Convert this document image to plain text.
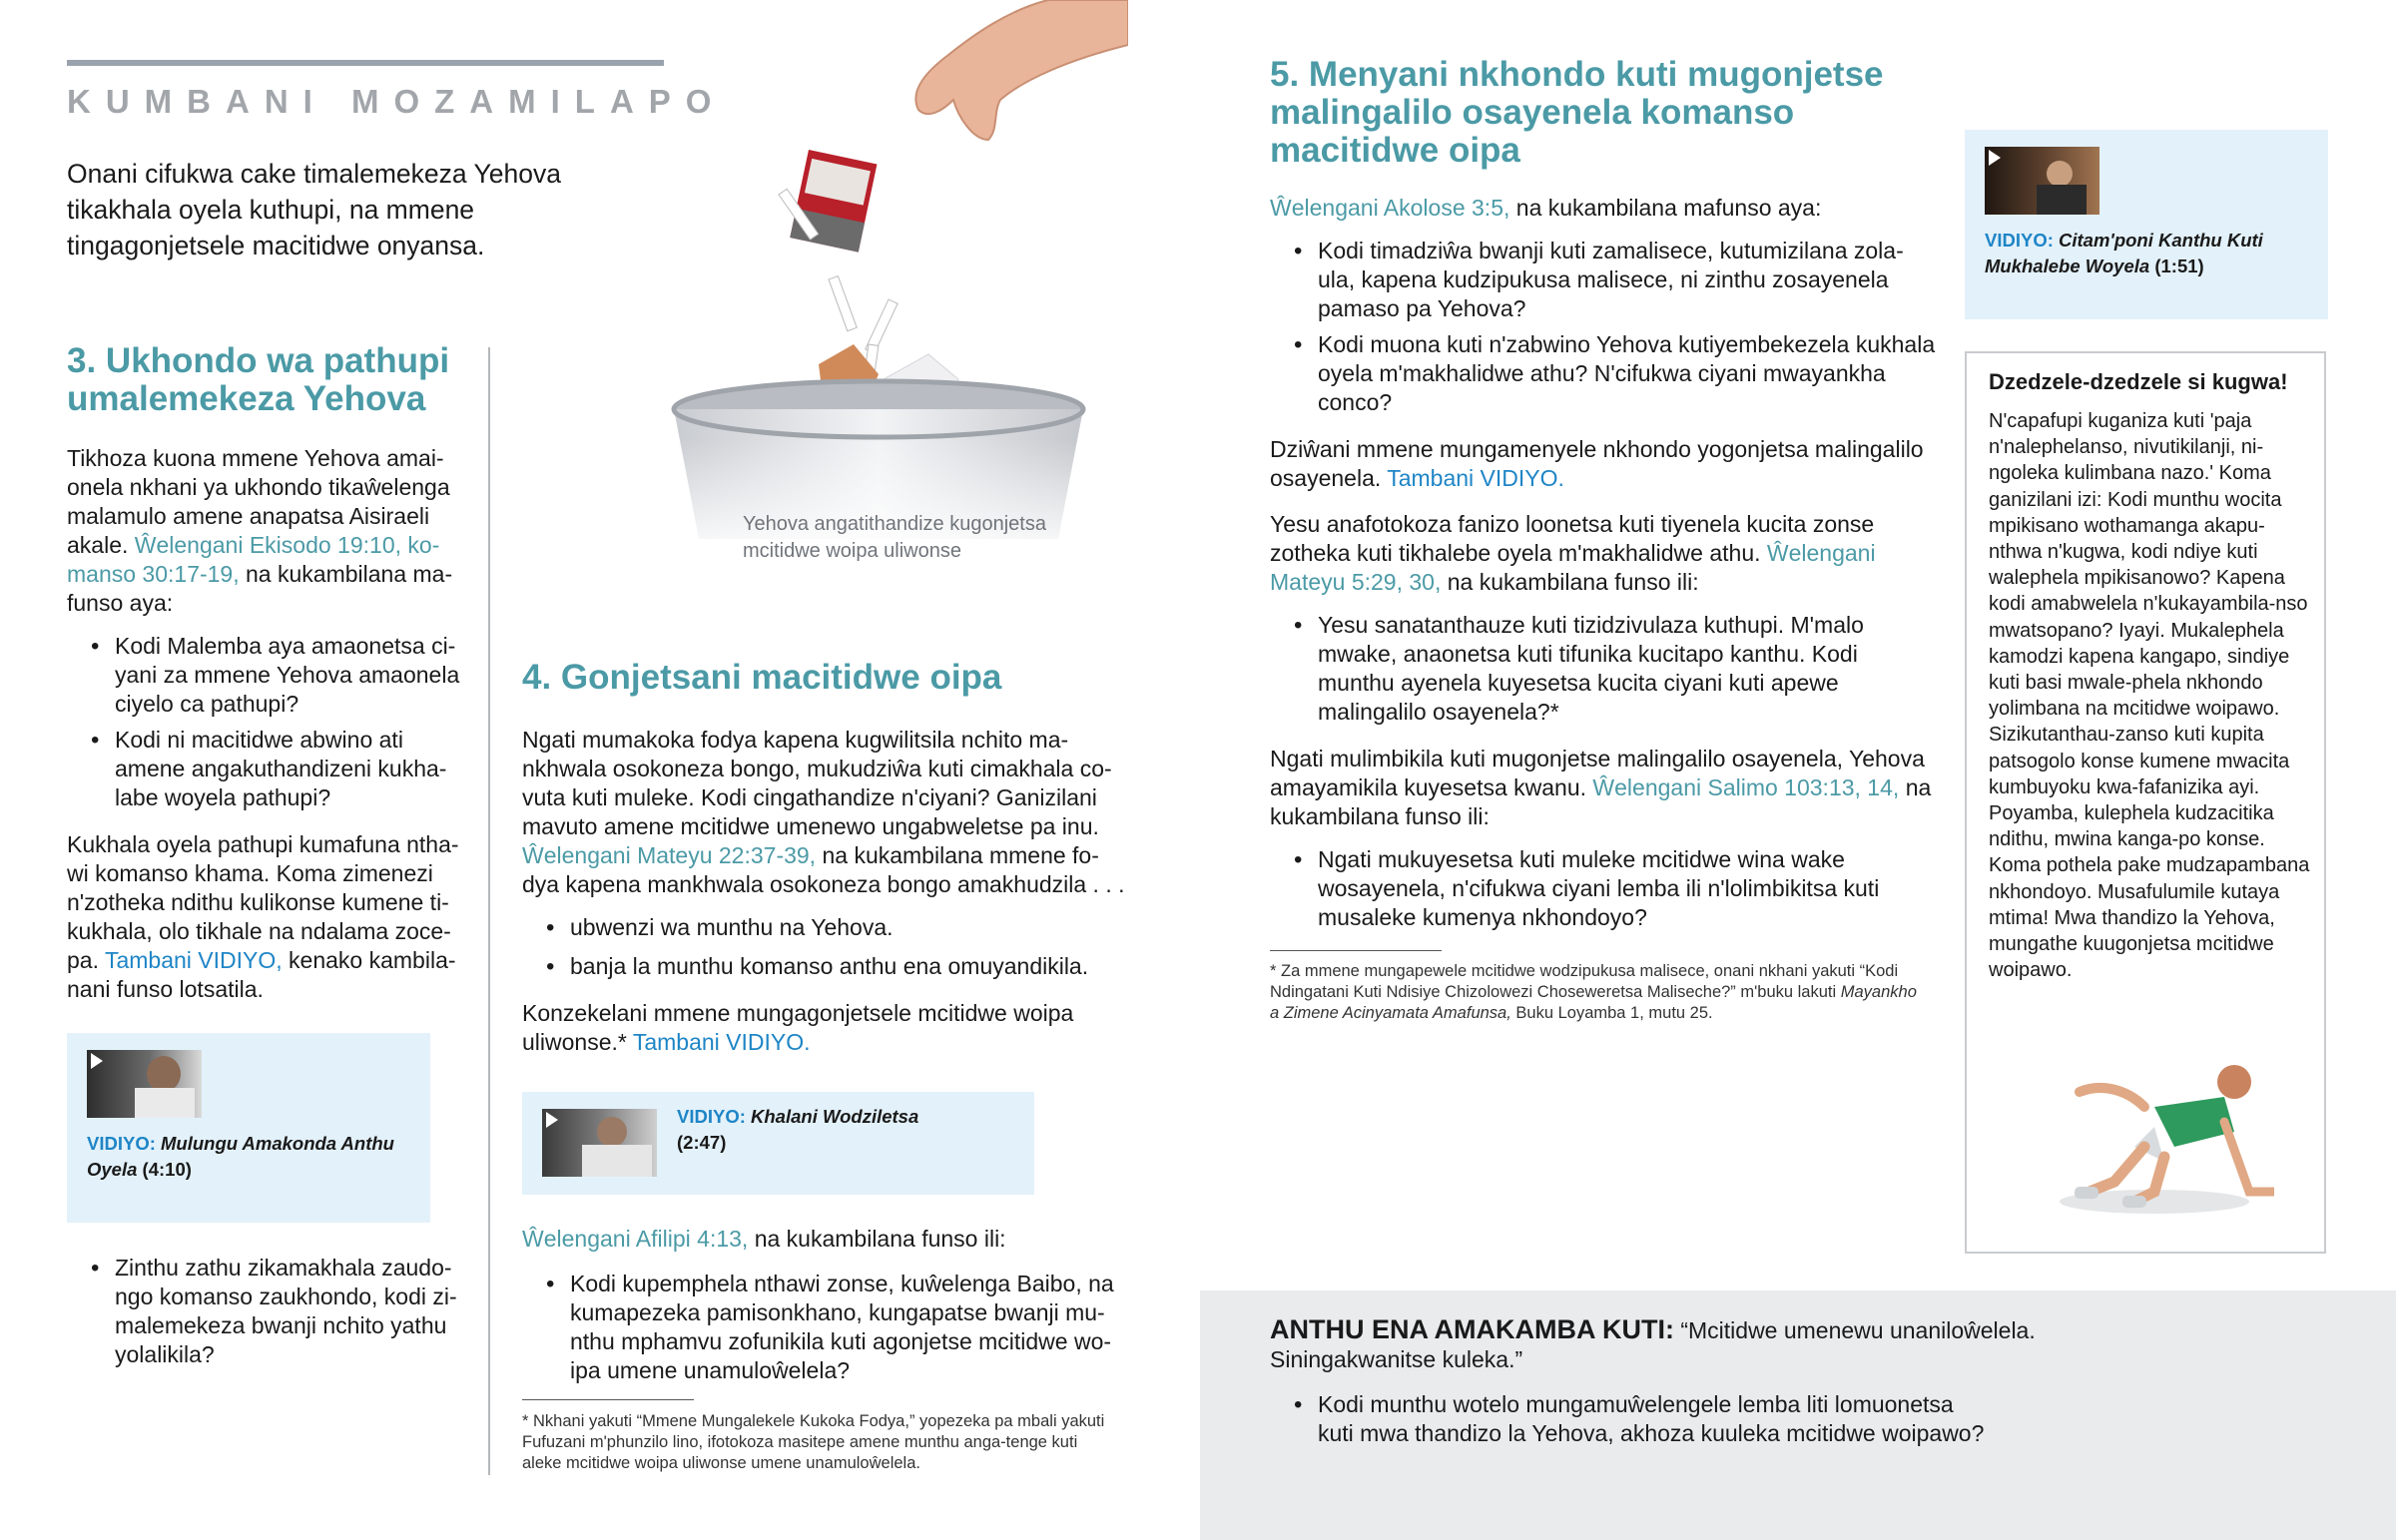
KUMBANI MOZAMILAPO
Onani cifukwa cake timalemekeza Yehova tikakhala oyela kuthupi, na mmene tingagonjetsele macitidwe onyansa.
Yehova angatithandize kugonjetsa mcitidwe woipa uliwonse
3. Ukhondo wa pathupi umalemekeza Yehova

Tikhoza kuona mmene Yehova amai-onela nkhani ya ukhondo tikaŵelenga malamulo amene anapatsa Aisiraeli akale. Ŵelengani Ekisodo 19:10, ko-manso 30:17-19, na kukambilana ma-funso aya:

• Kodi Malemba aya amaonetsa ci-yani za mmene Yehova amaonela ciyelo ca pathupi?
• Kodi ni macitidwe abwino ati amene angakuthandizeni kukha-labe woyela pathupi?

Kukhala oyela pathupi kumafuna ntha-wi komanso khama. Koma zimenezi n'zotheka ndithu kulikonse kumene ti-kukhala, olo tikhale na ndalama zoce-pa. Tambani VIDIYO, kenako kambila-nani funso lotsatila.

VIDIYO: Mulungu Amakonda Anthu Oyela (4:10)
• Zinthu zathu zikamakhala zaudo-ngo komanso zaukhondo, kodi zi-malemekeza bwanji nchito yathu yolalikila?
4. Gonjetsani macitidwe oipa

Ngati mumakoka fodya kapena kugwilitsila nchito ma-nkhwala osokoneza bongo, mukudziŵa kuti cimakhala co-vuta kuti muleke. Kodi cingathandize n'ciyani? Ganizilani mavuto amene mcitidwe umenewo ungabweletse pa inu. Ŵelengani Mateyu 22:37-39, na kukambilana mmene fo-dya kapena mankhwala osokoneza bongo amakhudzila . . .

• ubwenzi wa munthu na Yehova.
• banja la munthu komanso anthu ena omuyandikila.

Konzekelani mmene mungagonjetsele mcitidwe woipa uliwonse.* Tambani VIDIYO.

VIDIYO: Khalani Wodziletsa
(2:47)

Ŵelengani Afilipi 4:13, na kukambilana funso ili:

• Kodi kupemphela nthawi zonse, kuŵelenga Baibo, na kumapezeka pamisonkhano, kungapatse bwanji mu-nthu mphamvu zofunikila kuti agonjetse mcitidwe wo-ipa umene unamuloŵelela?
* Nkhani yakuti “Mmene Mungalekele Kukoka Fodya,” yopezeka pa mbali yakuti Fufuzani m'phunzilo lino, ifotokoza masitepe amene munthu anga-tenge kuti aleke mcitidwe woipa uliwonse umene unamuloŵelela.
5. Menyani nkhondo kuti mugonjetse malingalilo osayenela komanso macitidwe oipa

Ŵelengani Akolose 3:5, na kukambilana mafunso aya:

• Kodi timadziŵa bwanji kuti zamalisece, kutumizilana zola-ula, kapena kudzipukusa malisece, ni zinthu zosayenela pamaso pa Yehova?
• Kodi muona kuti n'zabwino Yehova kutiyembekezela kukhala oyela m'makhalidwe athu? N'cifukwa ciyani mwayankha conco?

Dziŵani mmene mungamenyele nkhondo yogonjetsa malingalilo osayenela. Tambani VIDIYO.

Yesu anafotokoza fanizo loonetsa kuti tiyenela kucita zonse zotheka kuti tikhalebe oyela m'makhalidwe athu. Ŵelengani Mateyu 5:29, 30, na kukambilana funso ili:

• Yesu sanatanthauze kuti tizidzivulaza kuthupi. M'malo mwake, anaonetsa kuti tifunika kucitapo kanthu. Kodi munthu ayenela kuyesetsa kucita ciyani kuti apewe malingalilo osayenela?*

Ngati mulimbikila kuti mugonjetse malingalilo osayenela, Yehova amayamikila kuyesetsa kwanu. Ŵelengani Salimo 103:13, 14, na kukambilana funso ili:

• Ngati mukuyesetsa kuti muleke mcitidwe wina wake wosayenela, n'cifukwa ciyani lemba ili n'lolimbikitsa kuti musaleke kumenya nkhondoyo?
* Za mmene mungapewele mcitidwe wodzipukusa malisece, onani nkhani yakuti “Kodi Ndingatani Kuti Ndisiye Chizolowezi Choseweretsa Maliseche?” m'buku lakuti Mayankho a Zimene Acinyamata Amafunsa, Buku Loyamba 1, mutu 25.
VIDIYO: Citam'poni Kanthu Kuti Mukhalebe Woyela (1:51)
Dzedzele-dzedzele si kugwa!
N'capafupi kuganiza kuti 'paja n'nalephelanso, nivutikilanji, ni-ngoleka kulimbana nazo.' Koma ganizilani izi: Kodi munthu wocita mpikisano wothamanga akapu-nthwa n'kugwa, kodi ndiye kuti walephela mpikisanowo? Kapena kodi amabwelela n'kukayambila-nso mwatsopano? Iyayi. Mukalephela kamodzi kapena kangapo, sindiye kuti basi mwale-phela nkhondo yolimbana na mcitidwe woipawo. Sizikutanthau-zanso kuti kupita patsogolo konse kumene mwacita kumbuyoku kwa-fafanizika ayi. Poyamba, kulephela kudzacitika ndithu, mwina kanga-po konse. Koma pothela pake mudzapambana nkhondoyo. Musafulumile kutaya mtima! Mwa thandizo la Yehova, mungathe kuugonjetsa mcitidwe woipawo.
ANTHU ENA AMAKAMBA KUTI: “Mcitidwe umenewu unaniloŵelela. Siningakwanitse kuleka.”
• Kodi munthu wotelo mungamuŵelengele lemba liti lomuonetsa kuti mwa thandizo la Yehova, akhoza kuuleka mcitidwe woipawo?
